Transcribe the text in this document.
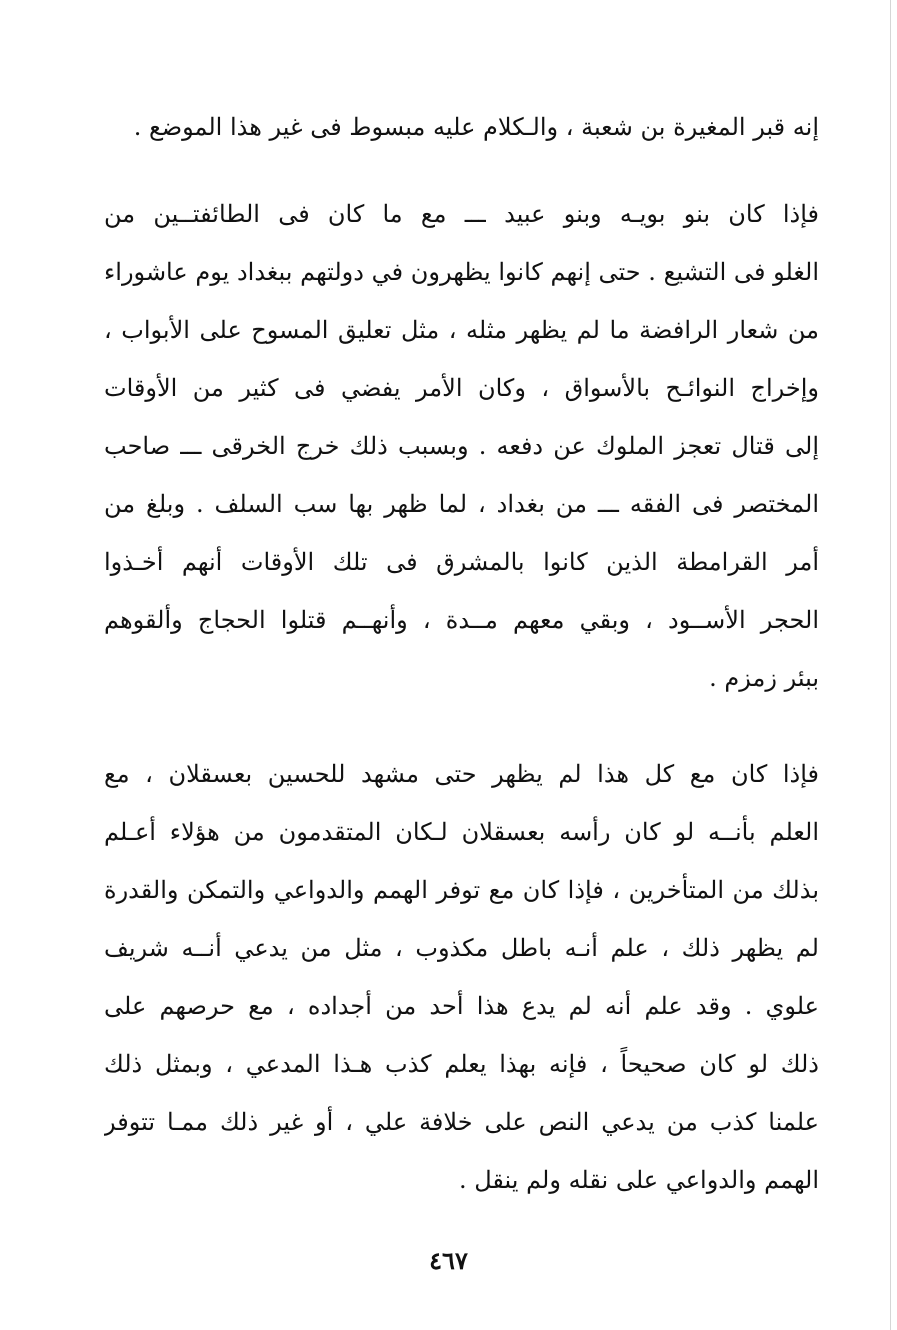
إنه قبر المغيرة بن شعبة ، والـكلام عليه مبسوط فى غير هذا الموضع .
فإذا كان بنو بويـه وبنو عبيد ـــ مع ما كان فى الطائفتــين من
الغلو فى التشيع . حتى إنهم كانوا يظهرون في دولتهم ببغداد يوم عاشوراء
من شعار الرافضة ما لم يظهر مثله ، مثل تعليق المسوح على الأبواب ،
وإخراج النوائـح بالأسواق ، وكان الأمر يفضي فى كثير من الأوقات
إلى قتال تعجز الملوك عن دفعه . وبسبب ذلك خرج الخرقى ـــ صاحب
المختصر فى الفقه ـــ من بغداد ، لما ظهر بها سب السلف . وبلغ من
أمر القرامطة الذين كانوا بالمشرق فى تلك الأوقات أنهم أخـذوا
الحجر الأســود ، وبقي معهم مــدة ، وأنهــم قتلوا الحجاج وألقوهم
ببئر زمزم .
فإذا كان مع كل هذا لم يظهر حتى مشهد للحسين بعسقلان ، مع
العلم بأنــه لو كان رأسه بعسقلان لـكان المتقدمون من هؤلاء أعـلم
بذلك من المتأخرين ، فإذا كان مع توفر الهمم والدواعي والتمكن والقدرة
لم يظهر ذلك ، علم أنـه باطل مكذوب ، مثل من يدعي أنــه شريف
علوي . وقد علم أنه لم يدع هذا أحد من أجداده ، مع حرصهم على
ذلك لو كان صحيحاً ، فإنه بهذا يعلم كذب هـذا المدعي ، وبمثل ذلك
علمنا كذب من يدعي النص على خلافة علي ، أو غير ذلك ممـا تتوفر
الهمم والدواعي على نقله ولم ينقل .
٤٦٧
